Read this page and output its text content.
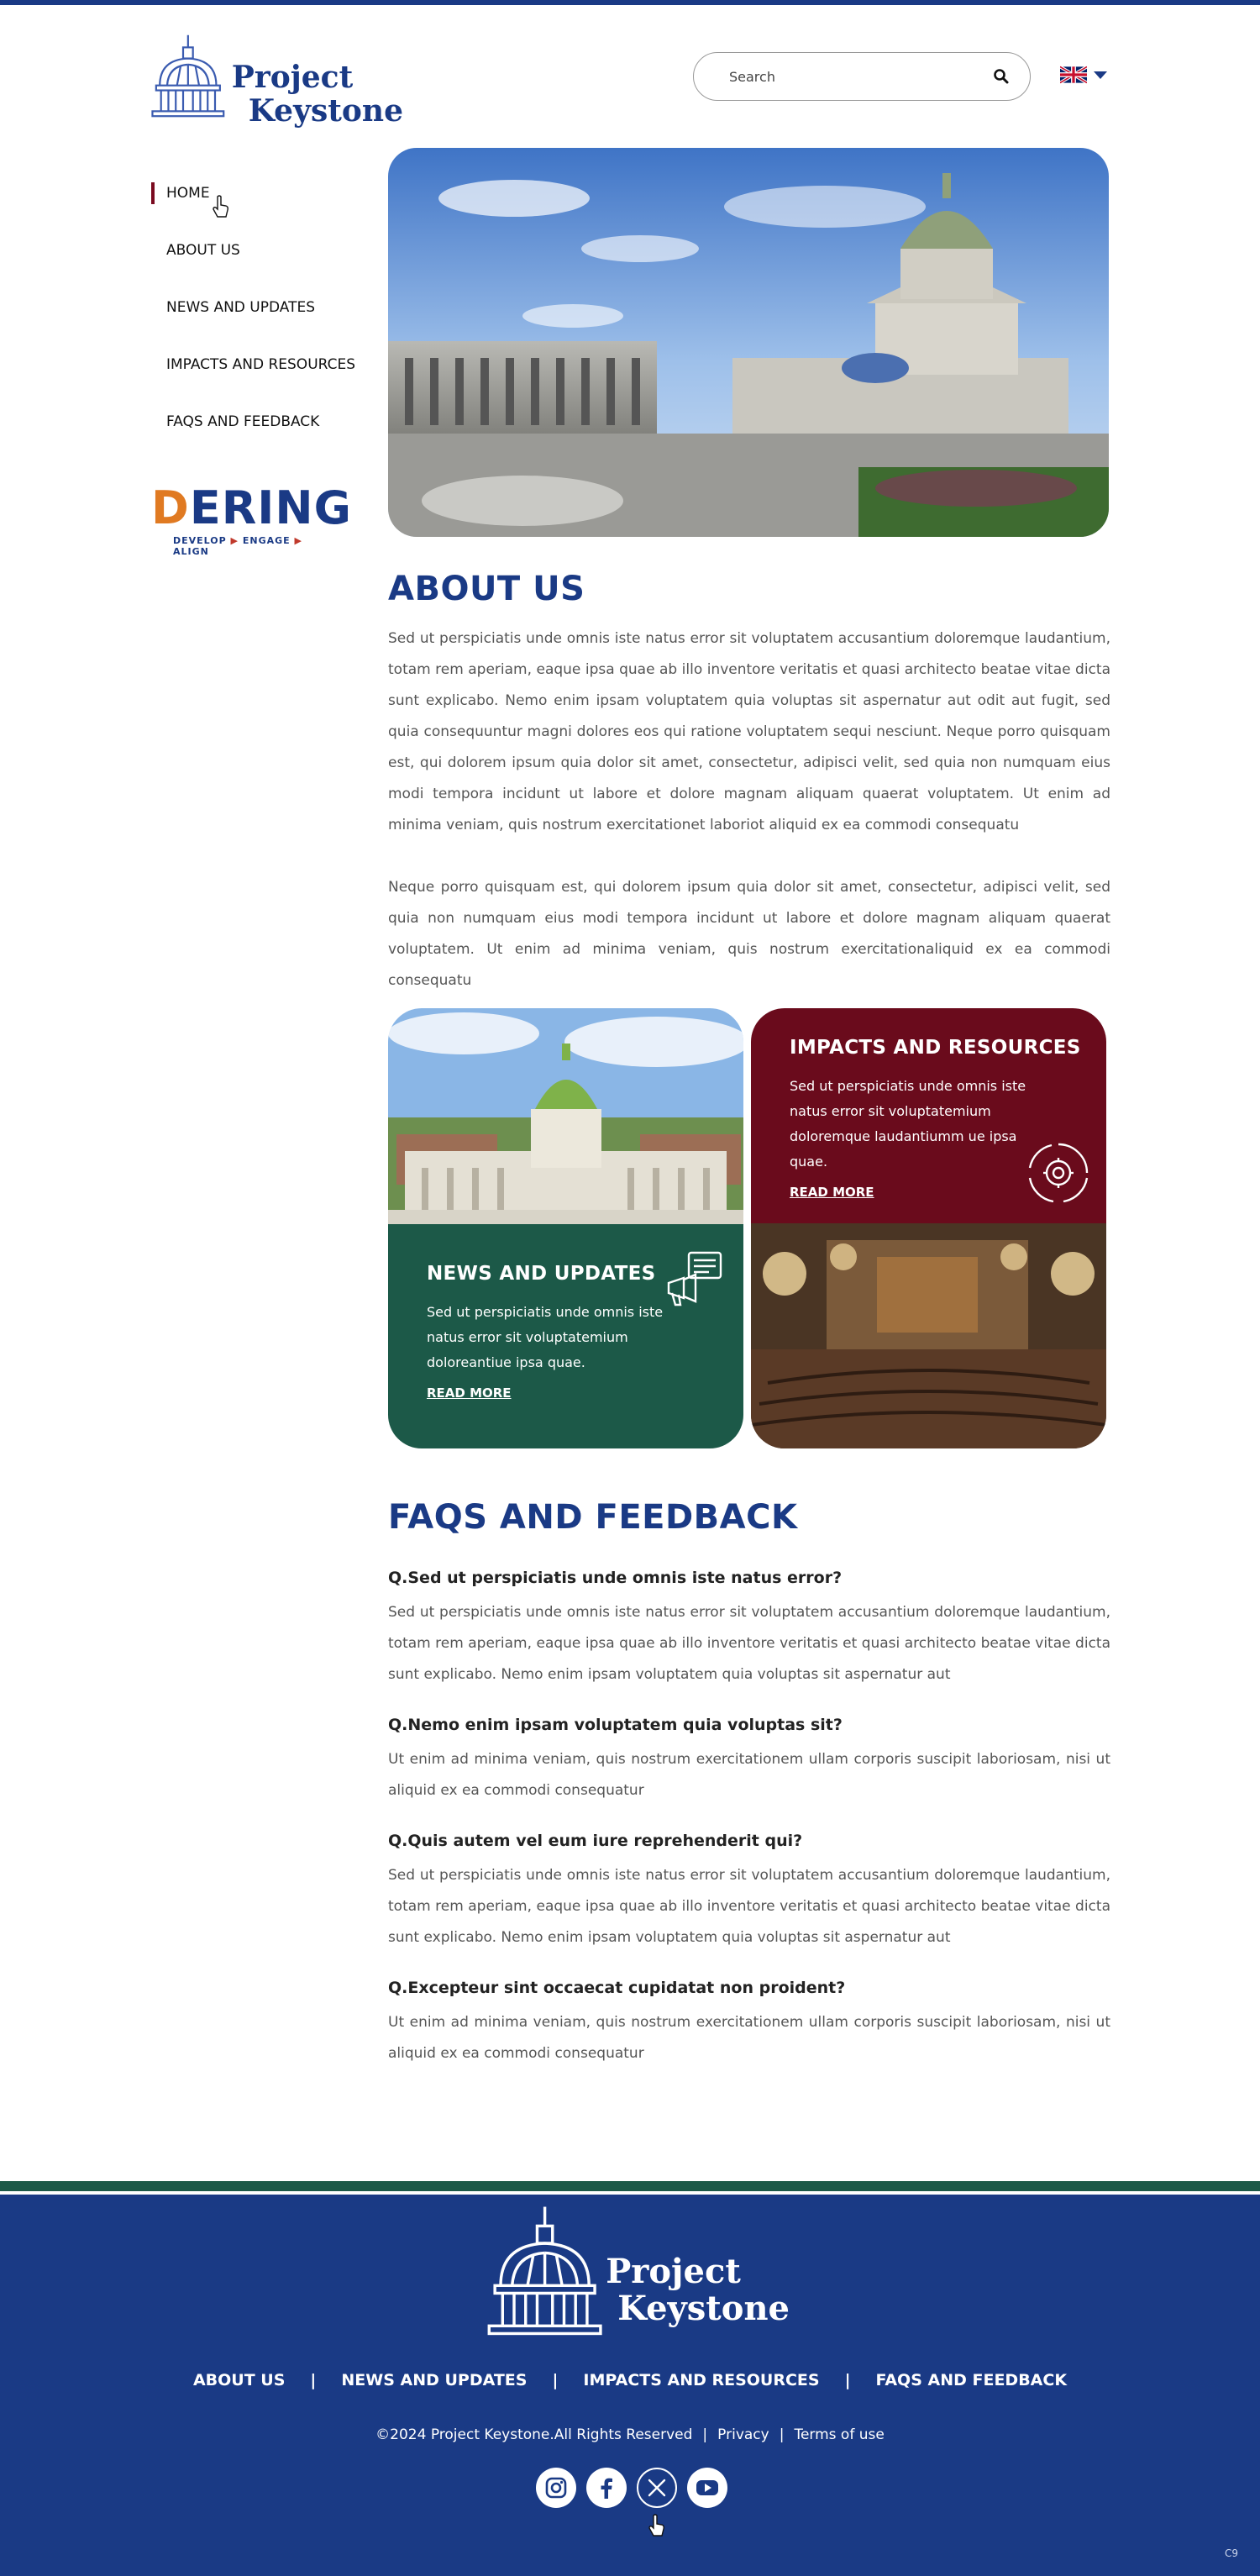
Project
Keystone
Search
HOME
ABOUT US
NEWS AND UPDATES
IMPACTS AND RESOURCES
FAQS AND FEEDBACK
DERING
DEVELOP ▶ ENGAGE ▶ ALIGN
ABOUT US

Sed ut perspiciatis unde omnis iste natus error sit voluptatem accusantium doloremque laudantium, totam rem aperiam, eaque ipsa quae ab illo inventore veritatis et quasi architecto beatae vitae dicta sunt explicabo. Nemo enim ipsam voluptatem quia voluptas sit aspernatur aut odit aut fugit, sed quia consequuntur magni dolores eos qui ratione voluptatem sequi nesciunt. Neque porro quisquam est, qui dolorem ipsum quia dolor sit amet, consectetur, adipisci velit, sed quia non numquam eius modi tempora incidunt ut labore et dolore magnam aliquam quaerat voluptatem. Ut enim ad minima veniam, quis nostrum exercitationet laboriot aliquid ex ea commodi consequatu

Neque porro quisquam est, qui dolorem ipsum quia dolor sit amet, consectetur, adipisci velit, sed quia non numquam eius modi tempora incidunt ut labore et dolore magnam aliquam quaerat voluptatem. Ut enim ad minima veniam, quis nostrum exercitationaliquid ex ea commodi consequatu

NEWS AND UPDATES

Sed ut perspiciatis unde omnis iste natus error sit voluptatemium doloreantiue ipsa quae.

READ MORE
IMPACTS AND RESOURCES

Sed ut perspiciatis unde omnis iste natus error sit voluptatemium doloremque laudantiumm ue ipsa quae.

READ MORE
FAQS AND FEEDBACK
Q.Sed ut perspiciatis unde omnis iste natus error?
Sed ut perspiciatis unde omnis iste natus error sit voluptatem accusantium doloremque laudantium, totam rem aperiam, eaque ipsa quae ab illo inventore veritatis et quasi architecto beatae vitae dicta sunt explicabo. Nemo enim ipsam voluptatem quia voluptas sit aspernatur aut
Q.Nemo enim ipsam voluptatem quia voluptas sit?
Ut enim ad minima veniam, quis nostrum exercitationem ullam corporis suscipit laboriosam, nisi ut aliquid ex ea commodi consequatur
Q.Quis autem vel eum iure reprehenderit qui?
Sed ut perspiciatis unde omnis iste natus error sit voluptatem accusantium doloremque laudantium, totam rem aperiam, eaque ipsa quae ab illo inventore veritatis et quasi architecto beatae vitae dicta sunt explicabo. Nemo enim ipsam voluptatem quia voluptas sit aspernatur aut
Q.Excepteur sint occaecat cupidatat non proident?
Ut enim ad minima veniam, quis nostrum exercitationem ullam corporis suscipit laboriosam, nisi ut aliquid ex ea commodi consequatur
Project
Keystone
ABOUT US | NEWS AND UPDATES | IMPACTS AND RESOURCES | FAQS AND FEEDBACK
©2024 Project Keystone.All Rights Reserved | Privacy | Terms of use
C9
